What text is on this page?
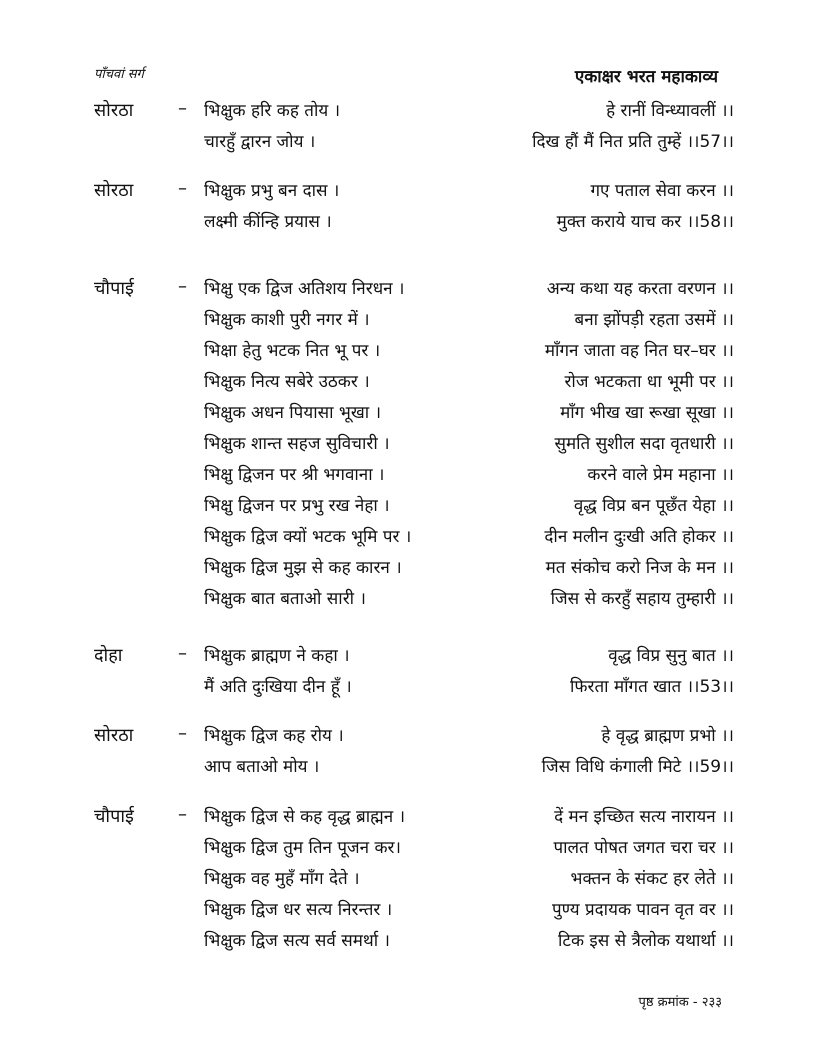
पाँचवां सर्ग	एकाक्षर भरत महाकाव्य
सोरठा – भिक्षुक हरि कह तोय ।	हे रानीं विन्ध्यावलीं ।।
चारहुँ द्वारन जोय ।	दिख हौं मैं नित प्रति तुम्हें ।।57।।
सोरठा – भिक्षुक प्रभु बन दास ।	गए पताल सेवा करन ।।
लक्ष्मी कींन्हि प्रयास ।	मुक्त कराये याच कर ।।58।।
चौपाई – भिक्षु एक द्विज अतिशय निरधन ।	अन्य कथा यह करता वरणन ।।
भिक्षुक काशी पुरी नगर में ।	बना झोंपड़ी रहता उसमें ।।
भिक्षा हेतु भटक नित भू पर ।	माँगन जाता वह नित घर–घर ।।
भिक्षुक नित्य सबेरे उठकर ।	रोज भटकता धा भूमी पर ।।
भिक्षुक अधन पियासा भूखा ।	माँग भीख खा रूखा सूखा ।।
भिक्षुक शान्त सहज सुविचारी ।	सुमति सुशील सदा वृतधारी ।।
भिक्षु द्विजन पर श्री भगवाना ।	करने वाले प्रेम महाना ।।
भिक्षु द्विजन पर प्रभु रख नेहा ।	वृद्ध विप्र बन पूछँत येहा ।।
भिक्षुक द्विज क्यों भटक भूमि पर ।	दीन मलीन दुःखी अति होकर ।।
भिक्षुक द्विज मुझ से कह कारन ।	मत संकोच करो निज के मन ।।
भिक्षुक बात बताओ सारी ।	जिस से करहुँ सहाय तुम्हारी ।।
दोहा	– भिक्षुक ब्राह्मण ने कहा ।	वृद्ध विप्र सुनु बात ।।
मैं अति दुःखिया दीन हूँ ।	फिरता माँगत खात ।।53।।
सोरठा – भिक्षुक द्विज कह रोय ।	हे वृद्ध ब्राह्मण प्रभो ।।
आप बताओ मोय ।	जिस विधि कंगाली मिटे ।।59।।
चौपाई – भिक्षुक द्विज से कह वृद्ध ब्राह्मन ।	दें मन इच्छित सत्य नारायन ।।
भिक्षुक द्विज तुम तिन पूजन कर।	पालत पोषत जगत चरा चर ।।
भिक्षुक वह मुहँ माँग देते ।	भक्तन के संकट हर लेते ।।
भिक्षुक द्विज धर सत्य निरन्तर ।	पुण्य प्रदायक पावन वृत वर ।।
भिक्षुक द्विज सत्य सर्व समर्था ।	टिक इस से त्रैलोक यथार्था ।।
पृष्ठ क्रमांक - २३३
